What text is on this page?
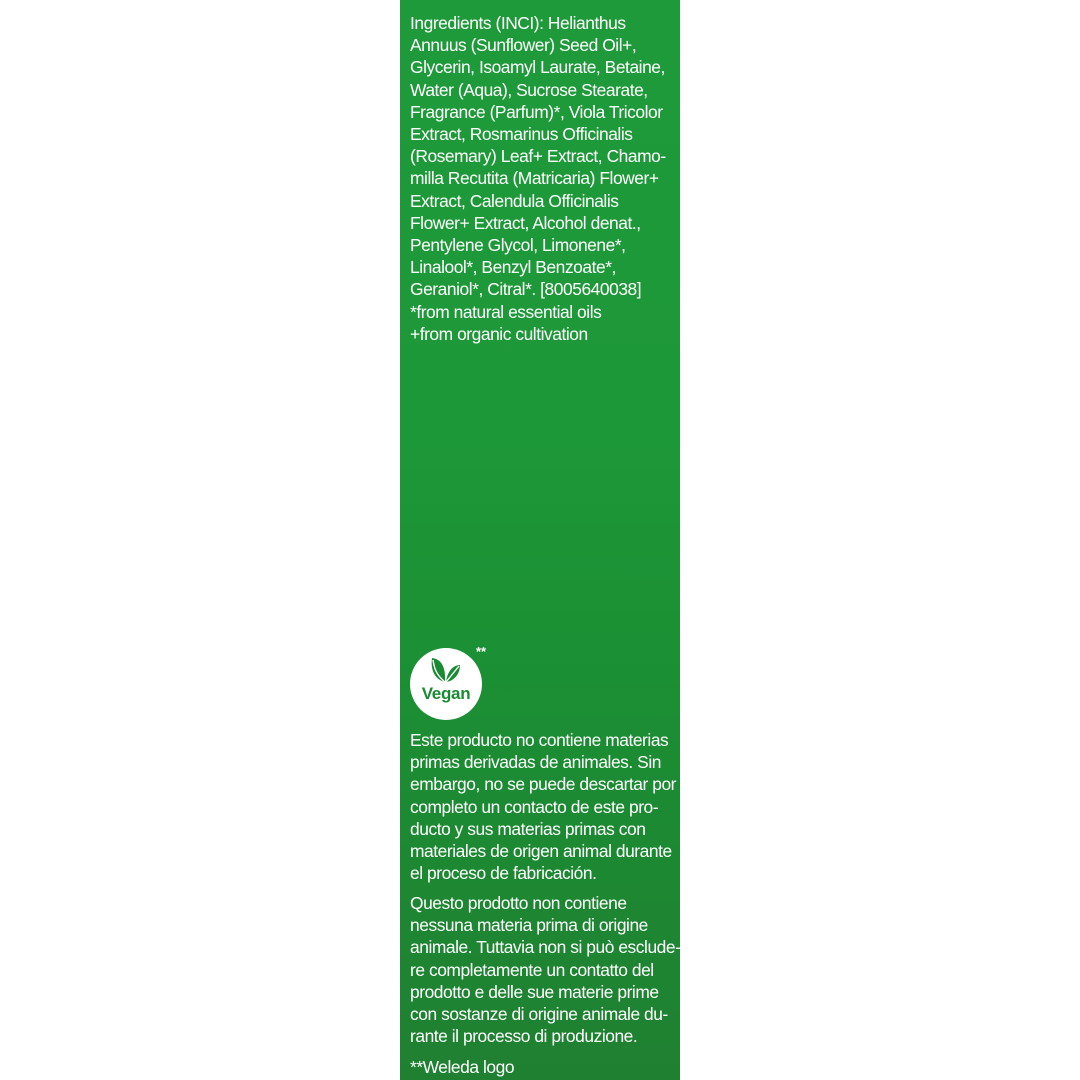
Ingredients (INCI): Helianthus
Annuus (Sunflower) Seed Oil+,
Glycerin, Isoamyl Laurate, Betaine,
Water (Aqua), Sucrose Stearate,
Fragrance (Parfum)*, Viola Tricolor
Extract, Rosmarinus Officinalis
(Rosemary) Leaf+ Extract, Chamo-
milla Recutita (Matricaria) Flower+
Extract, Calendula Officinalis
Flower+ Extract, Alcohol denat.,
Pentylene Glycol, Limonene*,
Linalool*, Benzyl Benzoate*,
Geraniol*, Citral*. [8005640038]
*from natural essential oils
+from organic cultivation
Vegan
**
Este producto no contiene materias
primas derivadas de animales. Sin
embargo, no se puede descartar por
completo un contacto de este pro-
ducto y sus materias primas con
materiales de origen animal durante
el proceso de fabricación.
Questo prodotto non contiene
nessuna materia prima di origine
animale. Tuttavia non si può esclude-
re completamente un contatto del
prodotto e delle sue materie prime
con sostanze di origine animale du-
rante il processo di produzione.
**Weleda logo
